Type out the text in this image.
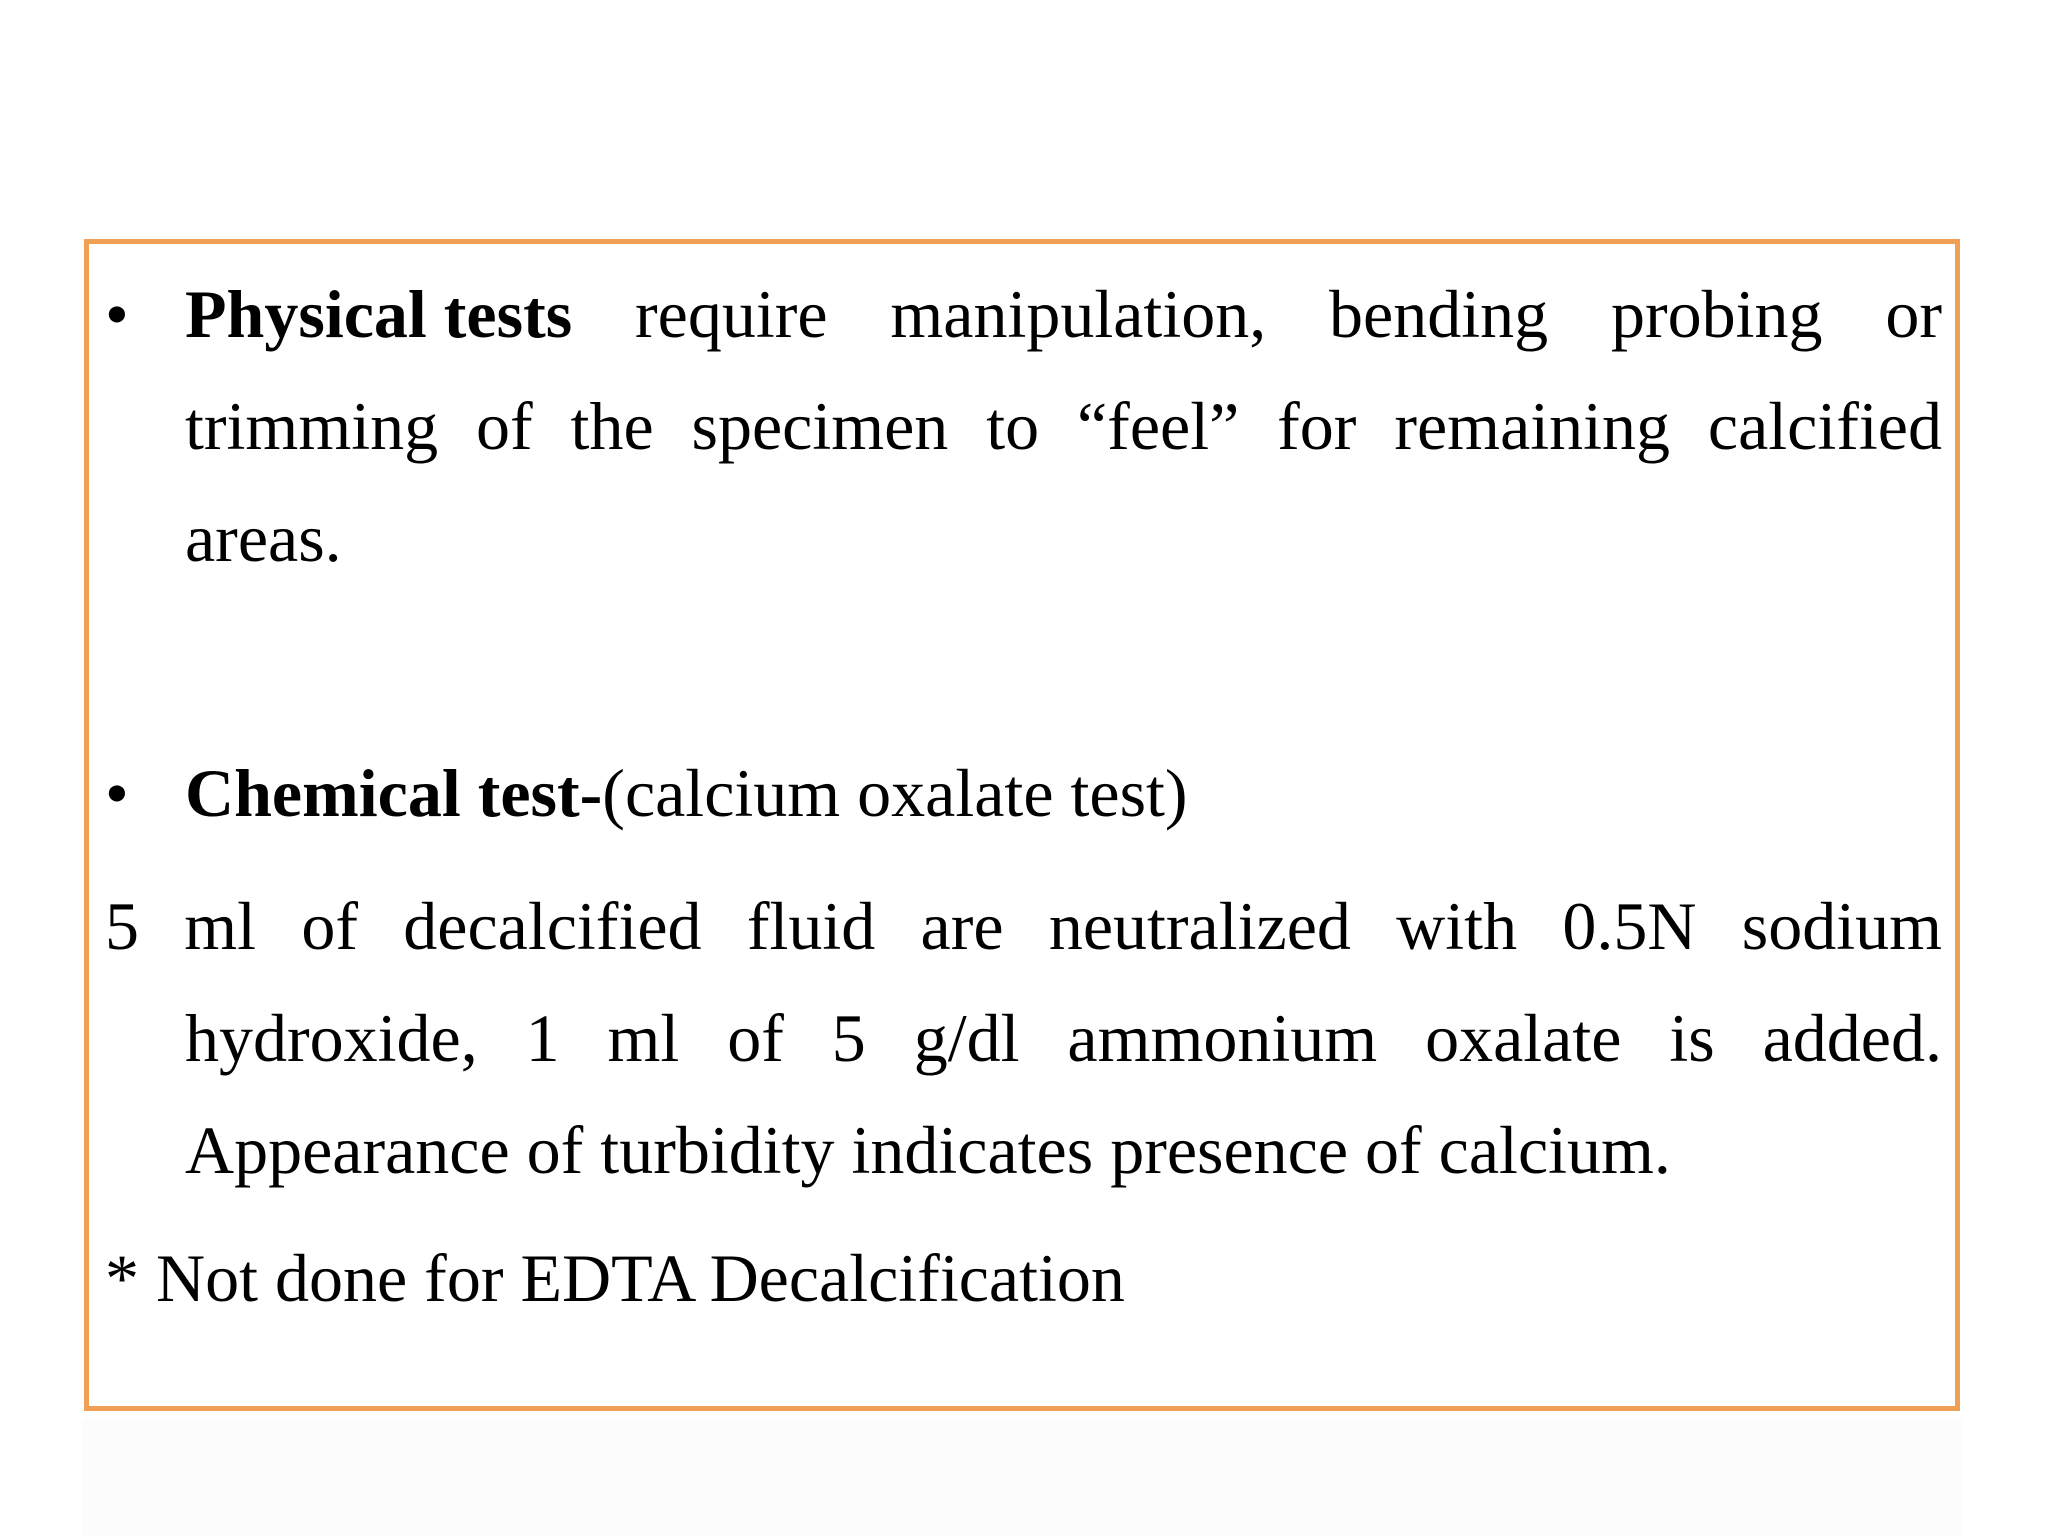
• Physical tests require manipulation, bending probing or
trimming of the specimen to “feel” for remaining calcified
areas.
• Chemical test-(calcium oxalate test)
5 ml of decalcified fluid are neutralized with 0.5N sodium
hydroxide, 1 ml of 5 g/dl ammonium oxalate is added.
Appearance of turbidity indicates presence of calcium.
* Not done for EDTA Decalcification
